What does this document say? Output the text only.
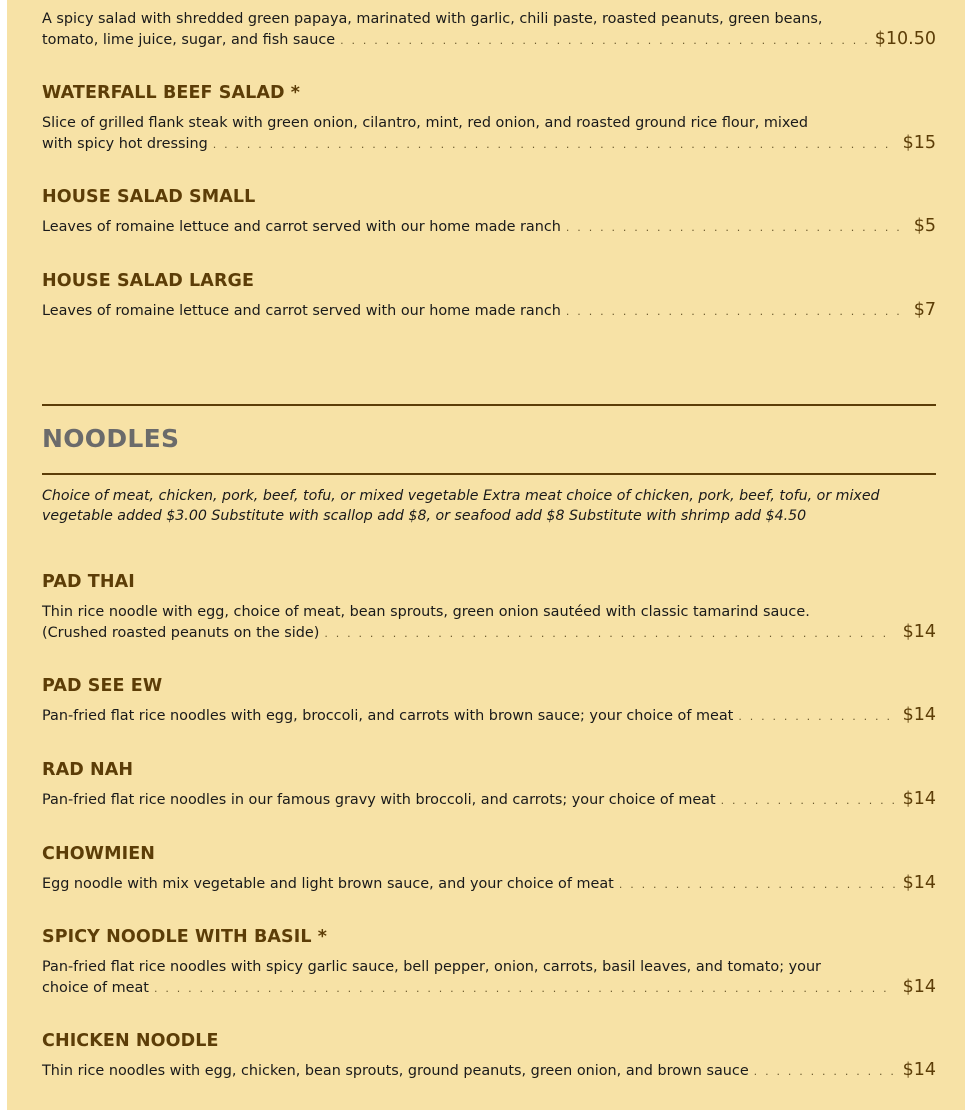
A spicy salad with shredded green papaya, marinated with garlic, chili paste, roasted peanuts, green beans,
tomato, lime juice, sugar, and fish sauce . . .	$10.50
WATERFALL BEEF SALAD *
Slice of grilled flank steak with green onion, cilantro, mint, red onion, and roasted ground rice flour, mixed
with spicy hot dressing . . .	$15
HOUSE SALAD SMALL
Leaves of romaine lettuce and carrot served with our home made ranch . . .	$5
HOUSE SALAD LARGE
Leaves of romaine lettuce and carrot served with our home made ranch . . .	$7
NOODLES
Choice of meat, chicken, pork, beef, tofu, or mixed vegetable Extra meat choice of chicken, pork, beef, tofu, or mixed vegetable added $3.00 Substitute with scallop add $8, or seafood add $8 Substitute with shrimp add $4.50
PAD THAI
Thin rice noodle with egg, choice of meat, bean sprouts, green onion sautéed with classic tamarind sauce.
(Crushed roasted peanuts on the side) . . .	$14
PAD SEE EW
Pan-fried flat rice noodles with egg, broccoli, and carrots with brown sauce; your choice of meat . . .	$14
RAD NAH
Pan-fried flat rice noodles in our famous gravy with broccoli, and carrots; your choice of meat . . .	$14
CHOWMIEN
Egg noodle with mix vegetable and light brown sauce, and your choice of meat . . .	$14
SPICY NOODLE WITH BASIL *
Pan-fried flat rice noodles with spicy garlic sauce, bell pepper, onion, carrots, basil leaves, and tomato; your
choice of meat . . .	$14
CHICKEN NOODLE
Thin rice noodles with egg, chicken, bean sprouts, ground peanuts, green onion, and brown sauce . . .	$14
